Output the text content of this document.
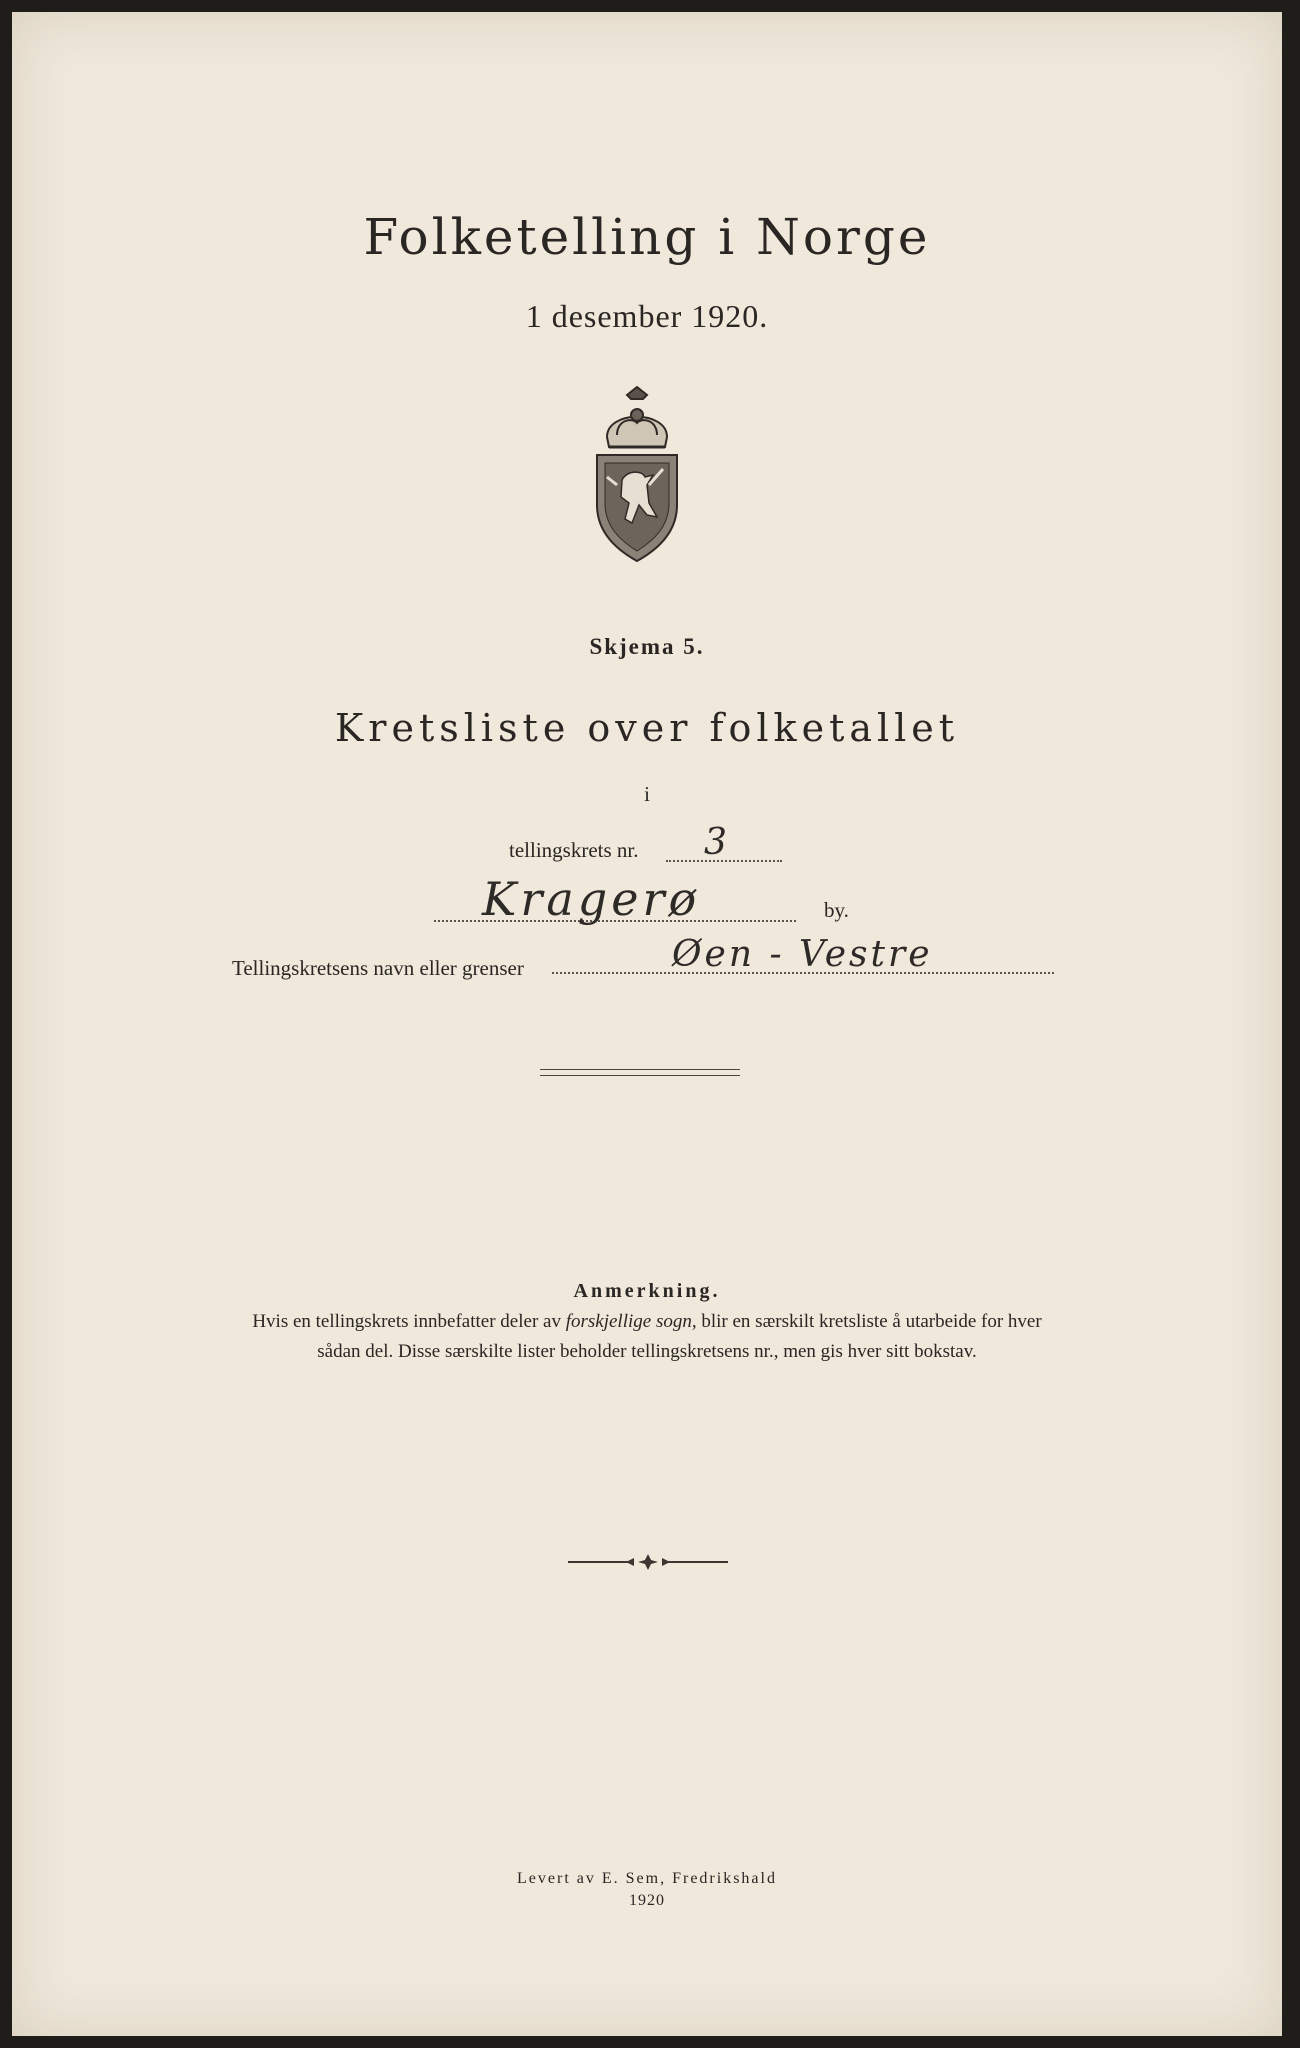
Folketelling i Norge
1 desember 1920.
Skjema 5.
Kretsliste over folketallet
i
tellingskrets nr. 3
Kragerø	by.
Tellingskretsens navn eller grenser	Øen - Vestre
Anmerkning.
Hvis en tellingskrets innbefatter deler av forskjellige sogn, blir en særskilt kretsliste å utarbeide for hver sådan del. Disse særskilte lister beholder tellingskretsens nr., men gis hver sitt bokstav.
Levert av E. Sem, Fredrikshald
1920
